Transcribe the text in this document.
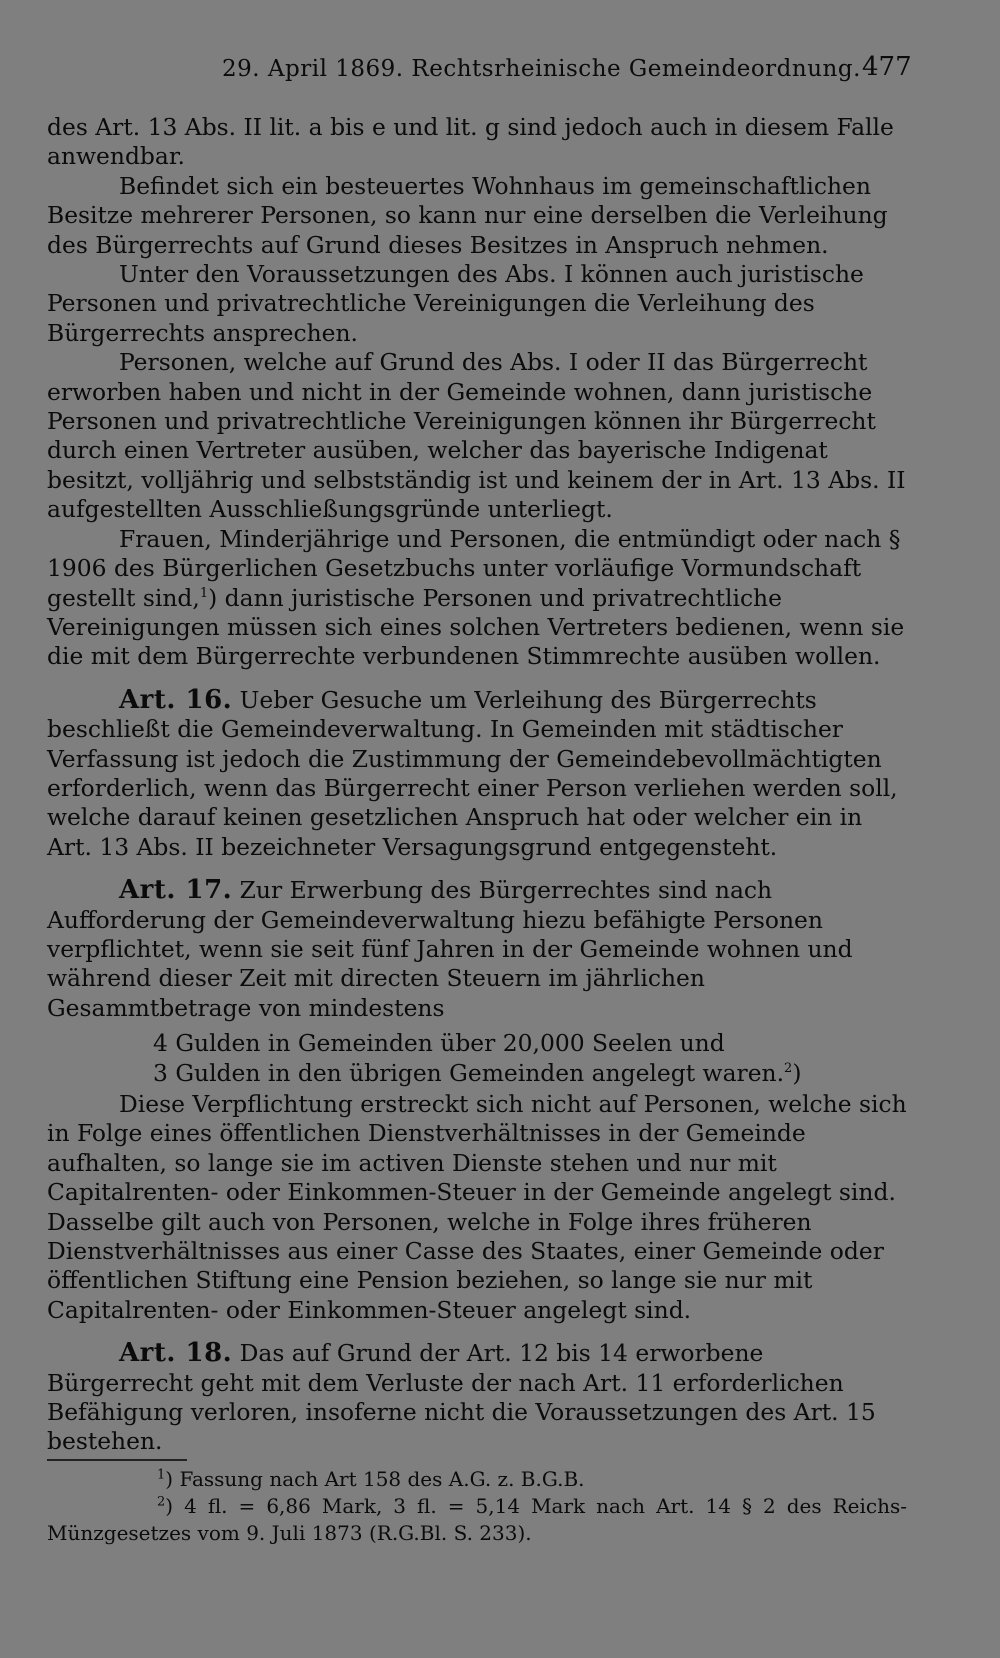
29. April 1869. Rechtsrheinische Gemeindeordnung. 477

des Art. 13 Abs. II lit. a bis e und lit. g sind jedoch auch in diesem Falle anwendbar.

Befindet sich ein besteuertes Wohnhaus im gemeinschaftlichen Besitze mehrerer Personen, so kann nur eine derselben die Verleihung des Bürgerrechts auf Grund dieses Besitzes in Anspruch nehmen.

Unter den Voraussetzungen des Abs. I können auch juristische Personen und privatrechtliche Vereinigungen die Verleihung des Bürgerrechts ansprechen.

Personen, welche auf Grund des Abs. I oder II das Bürgerrecht erworben haben und nicht in der Gemeinde wohnen, dann juristische Personen und privatrechtliche Vereinigungen können ihr Bürgerrecht durch einen Vertreter ausüben, welcher das bayerische Indigenat besitzt, volljährig und selbstständig ist und keinem der in Art. 13 Abs. II aufgestellten Ausschließungsgründe unterliegt.

Frauen, Minderjährige und Personen, die entmündigt oder nach § 1906 des Bürgerlichen Gesetzbuchs unter vorläufige Vormundschaft gestellt sind,$^1$) dann juristische Personen und privatrechtliche Vereinigungen müssen sich eines solchen Vertreters bedienen, wenn sie die mit dem Bürgerrechte verbundenen Stimmrechte ausüben wollen.

Art. 16. Ueber Gesuche um Verleihung des Bürgerrechts beschließt die Gemeindeverwaltung. In Gemeinden mit städtischer Verfassung ist jedoch die Zustimmung der Gemeindebevollmächtigten erforderlich, wenn das Bürgerrecht einer Person verliehen werden soll, welche darauf keinen gesetzlichen Anspruch hat oder welcher ein in Art. 13 Abs. II bezeichneter Versagungsgrund entgegensteht.

Art. 17. Zur Erwerbung des Bürgerrechtes sind nach Aufforderung der Gemeindeverwaltung hiezu befähigte Personen verpflichtet, wenn sie seit fünf Jahren in der Gemeinde wohnen und während dieser Zeit mit directen Steuern im jährlichen Gesammtbetrage von mindestens

4 Gulden in Gemeinden über 20,000 Seelen und
3 Gulden in den übrigen Gemeinden angelegt waren.$^2$)

Diese Verpflichtung erstreckt sich nicht auf Personen, welche sich in Folge eines öffentlichen Dienstverhältnisses in der Gemeinde aufhalten, so lange sie im activen Dienste stehen und nur mit Capitalrenten- oder Einkommen-Steuer in der Gemeinde angelegt sind. Dasselbe gilt auch von Personen, welche in Folge ihres früheren Dienstverhältnisses aus einer Casse des Staates, einer Gemeinde oder öffentlichen Stiftung eine Pension beziehen, so lange sie nur mit Capitalrenten- oder Einkommen-Steuer angelegt sind.

Art. 18. Das auf Grund der Art. 12 bis 14 erworbene Bürgerrecht geht mit dem Verluste der nach Art. 11 erforderlichen Befähigung verloren, insoferne nicht die Voraussetzungen des Art. 15 bestehen.

$^1$) Fassung nach Art 158 des A.G. z. B.G.B.

$^2$) 4 fl. = 6,86 Mark, 3 fl. = 5,14 Mark nach Art. 14 § 2 des Reichs-Münzgesetzes vom 9. Juli 1873 (R.G.Bl. S. 233).
